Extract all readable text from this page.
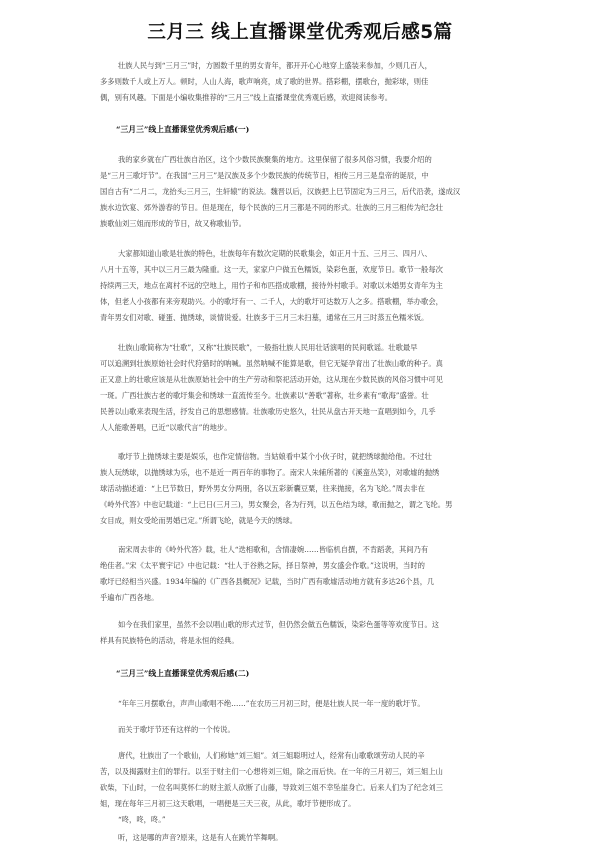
三月三 线上直播课堂优秀观后感5篇

壮族人民与到“三月三”时，方圆数千里的男女青年，都开开心心地穿上盛装来参加，少则几百人，
多多则数千人或上万人。顿时，人山人海，歌声响亮，成了歌的世界。搭彩棚，摆歌台，抛彩球，则佳
偶，别有风趣。下面是小编收集推荐的“三月三”线上直播课堂优秀观后感，欢迎阅读参考。

“三月三”线上直播课堂优秀观后感(一)

我的家乡就在广西壮族自治区，这个少数民族聚集的地方。这里保留了很多风俗习惯，我要介绍的
是“三月三歌圩节”。在我国“三月三”是汉族及多个少数民族的传统节日，相传三月三是皇帝的诞辰，中
国自古有“二月二，龙抬头;三月三，生轩辕”的说法。魏晋以后，汉族把上巳节固定为三月三，后代沿袭，遂成汉
族水边饮宴、郊外游春的节日。但是现在，每个民族的三月三都是不同的形式。壮族的三月三相传为纪念壮
族歌仙刘三姐而形成的节日，故又称歌仙节。

大家都知道山歌是壮族的特色，壮族每年有数次定期的民歌集会，如正月十五、三月三、四月八、
八月十五等，其中以三月三最为隆重。这一天，家家户户做五色糯饭，染彩色蛋，欢度节日。歌节一般每次
持续两三天，地点在离村不远的空地上，用竹子和布匹搭成歌棚，接待外村歌手。对歌以未婚男女青年为主
体，但老人小孩都有来旁观助兴。小的歌圩有一、二千人，大的歌圩可达数万人之多。搭歌棚，举办歌会，
青年男女们对歌、碰蛋、抛绣球，谈情说爱。壮族多于三月三未扫墓，通常在三月三时蒸五色糯米饭。

壮族山歌简称为“壮歌”，又称“壮族民歌”，一般指壮族人民用壮话演唱的民间歌谣。壮歌最早
可以追溯到壮族原始社会时代狩猎时的呐喊。虽然呐喊不能算是歌，但它无疑孕育出了壮族山歌的种子。真
正又意上的壮歌应该是从壮族原始社会中的生产劳动和祭祀活动开始，这从现在少数民族的风俗习惯中可见
一斑。广西壮族古老的歌圩集会和绣球一直流传至今。壮族素以“善歌”著称，壮乡素有“歌海”盛誉。壮
民善以山歌来表现生活，抒发自己的思想感情。壮族歌历史悠久，壮民从盘古开天地一直唱到如今，几乎
人人能歌善唱，已近“以歌代言”的地步。

歌圩节上抛绣球主要是娱乐，也作定情信物。当姑娘看中某个小伙子时，就把绣球抛给他。不过壮
族人玩绣球，以抛绣球为乐，也不是近一两百年的事物了。南宋人朱辅所著的《溪蛮丛笑》，对歌墟的抛绣
球活动描述道：“上巳节数日，野外男女分两朋，各以五彩新囊豆粟，往来抛接，名为飞纶。”周去非在
《岭外代答》中也记载道：“上已日(三月三)，男女聚会，各为行列，以五色结为球，歌而抛之，谓之飞纶。男
女目成，则女受纶而男婚已定。”所谓飞纶，就是今天的绣球。

南宋周去非的《岭外代答》载，壮人“迭相歌和，含情凄婉……皆临机自撰，不肯蹈袭，其间乃有
绝佳者。”宋《太平寰宇记》中也记载：“壮人于谷熟之际，择日祭神，男女盛会作歌。”这说明，当时的
歌圩已经相当兴盛。1934年编的《广西各县概况》记载，当时广西有歌墟活动地方就有多达26个县，几
乎遍布广西各地。

如今在我们家里，虽然不会以唱山歌的形式过节，但仍然会做五色糯饭，染彩色蛋等等欢度节日。这
样具有民族特色的活动，将是永恒的经典。

“三月三”线上直播课堂优秀观后感(二)

“年年三月摆歌台，声声山歌唱不绝……”在农历三月初三时，便是壮族人民一年一度的歌圩节。

而关于歌圩节还有这样的一个传说。

唐代，壮族出了一个歌仙，人们称她“刘三姐”。刘三姐聪明过人，经常有山歌歌颂劳动人民的辛
苦，以及揭露财主们的罪行。以至于财主们一心想将刘三姐，除之而后快。在一年的三月初三，刘三姐上山
砍柴，下山时，一位名叫莫怀仁的财主派人砍断了山藤，导致刘三姐不幸坠崖身亡。后来人们为了纪念刘三
姐，现在每年三月初三这天歌唱，一唱便是三天三夜，从此，歌圩节便形成了。

“咚，咚，咚。”

听，这是哪的声音?原来，这是有人在跳竹竿舞啊。
